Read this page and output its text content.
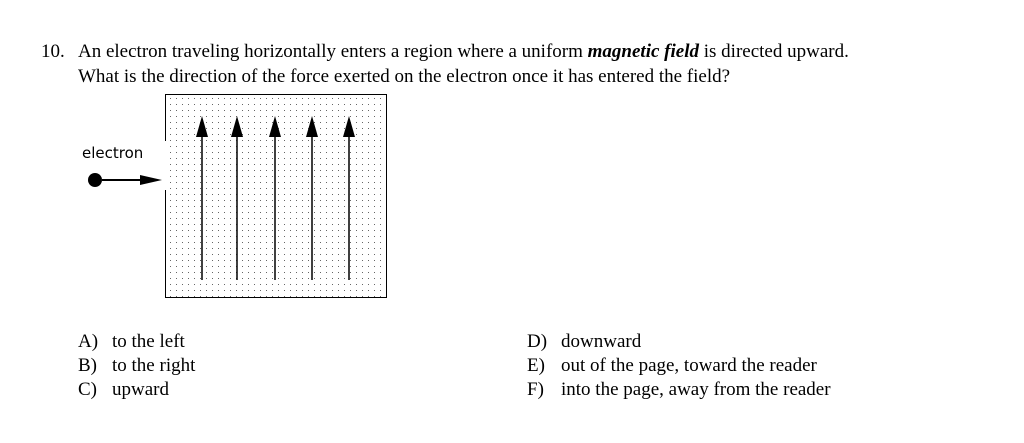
10. An electron traveling horizontally enters a region where a uniform magnetic field is directed upward.
What is the direction of the force exerted on the electron once it has entered the field?
electron
A) to the left
B) to the right
C) upward
D) downward
E) out of the page, toward the reader
F) into the page, away from the reader
